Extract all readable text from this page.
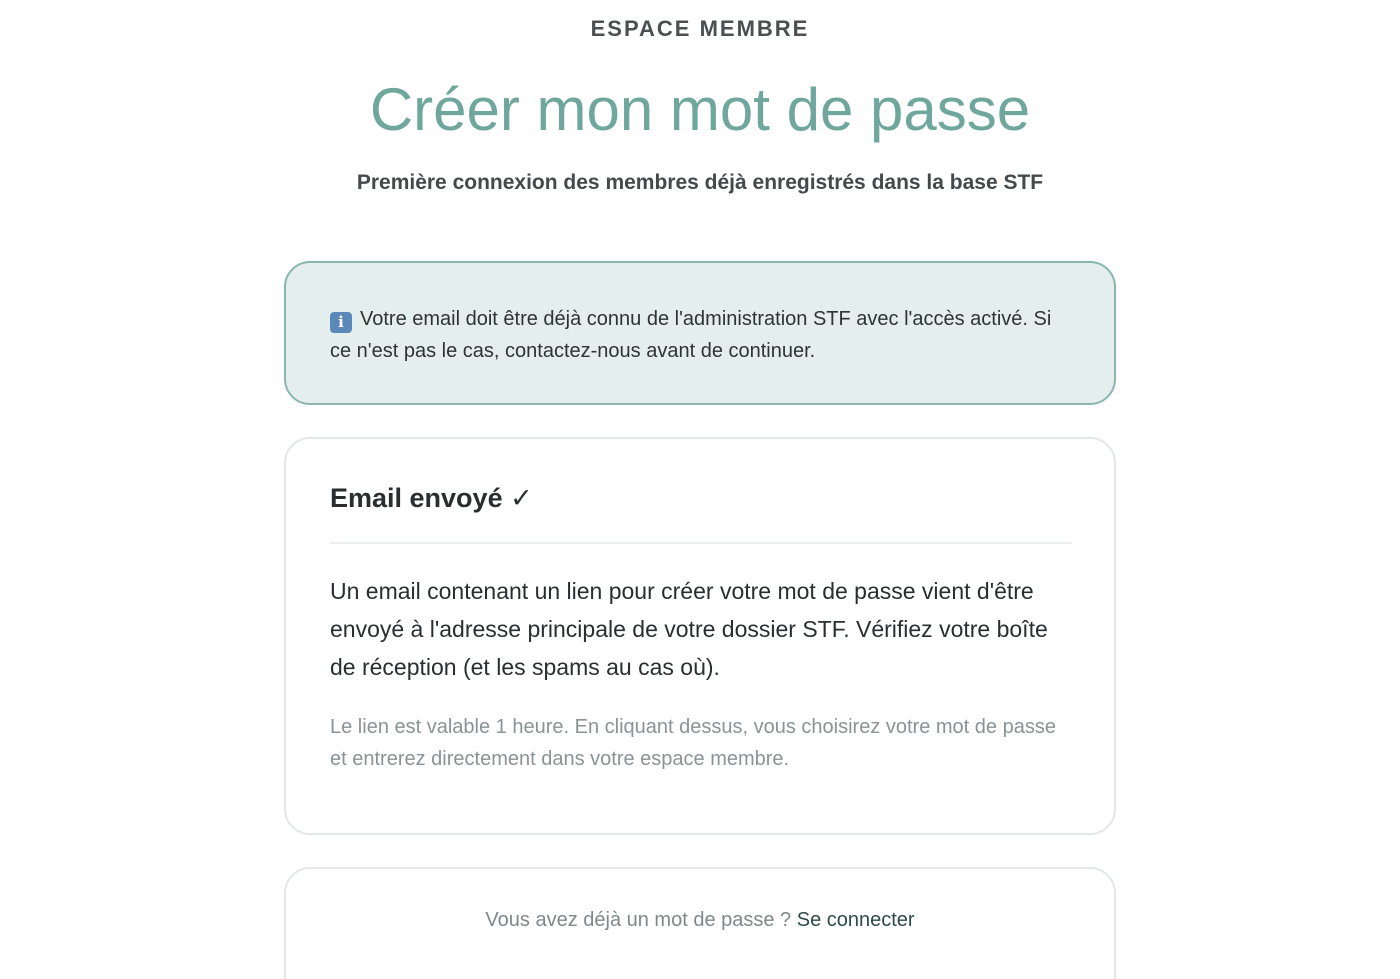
ESPACE MEMBRE
Créer mon mot de passe
Première connexion des membres déjà enregistrés dans la base STF
i Votre email doit être déjà connu de l'administration STF avec l'accès activé. Si ce n'est pas le cas, contactez-nous avant de continuer.
Email envoyé ✓
Un email contenant un lien pour créer votre mot de passe vient d'être envoyé à l'adresse principale de votre dossier STF. Vérifiez votre boîte de réception (et les spams au cas où).
Le lien est valable 1 heure. En cliquant dessus, vous choisirez votre mot de passe et entrerez directement dans votre espace membre.
Vous avez déjà un mot de passe ? Se connecter
